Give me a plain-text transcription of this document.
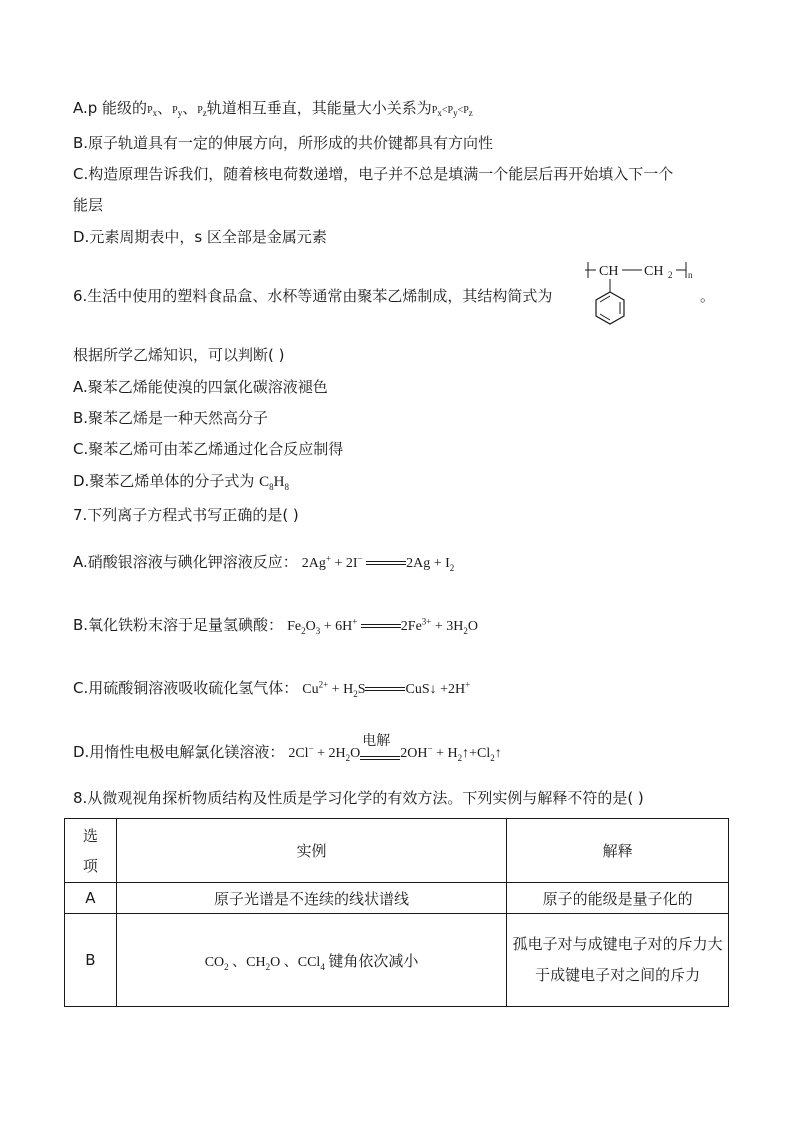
A.p 能级的$P_x$、$P_y$、$P_z$轨道相互垂直，其能量大小关系为$P_x<P_y<P_z$
B.原子轨道具有一定的伸展方向，所形成的共价键都具有方向性
C.构造原理告诉我们，随着核电荷数递增，电子并不总是填满一个能层后再开始填入下一个
能层
D.元素周期表中，s 区全部是金属元素
6.生活中使用的塑料食品盒、水杯等通常由聚苯乙烯制成，其结构简式为
CH CH 2 n
。
根据所学乙烯知识，可以判断( )
A.聚苯乙烯能使溴的四氯化碳溶液褪色
B.聚苯乙烯是一种天然高分子
C.聚苯乙烯可由苯乙烯通过化合反应制得
D.聚苯乙烯单体的分子式为 $C_8H_8$
7.下列离子方程式书写正确的是( )
A.硝酸银溶液与碘化钾溶液反应： 2Ag+ + 2I−	$2Ag + I_2$
B.氧化铁粉末溶于足量氢碘酸： $Fe_2O_3 + 6H^+$	$2Fe^{3+} + 3H_2O$
C.用硫酸铜溶液吸收硫化氢气体： $Cu^{2+} + H_2S$	CuS↓ +2H+
D.用惰性电极电解氯化镁溶液： $2Cl^- + 2H_2O$
电解
$2OH^- + H_2↑+Cl_2↑$
8.从微观视角探析物质结构及性质是学习化学的有效方法。下列实例与解释不符的是( )
选项	实例	解释
A	原子光谱是不连续的线状谱线	原子的能级是量子化的
B	$CO_2$ 、$CH_2O$ 、CCl$_4$ 键角依次减小	孤电子对与成键电子对的斥力大于成键电子对之间的斥力
